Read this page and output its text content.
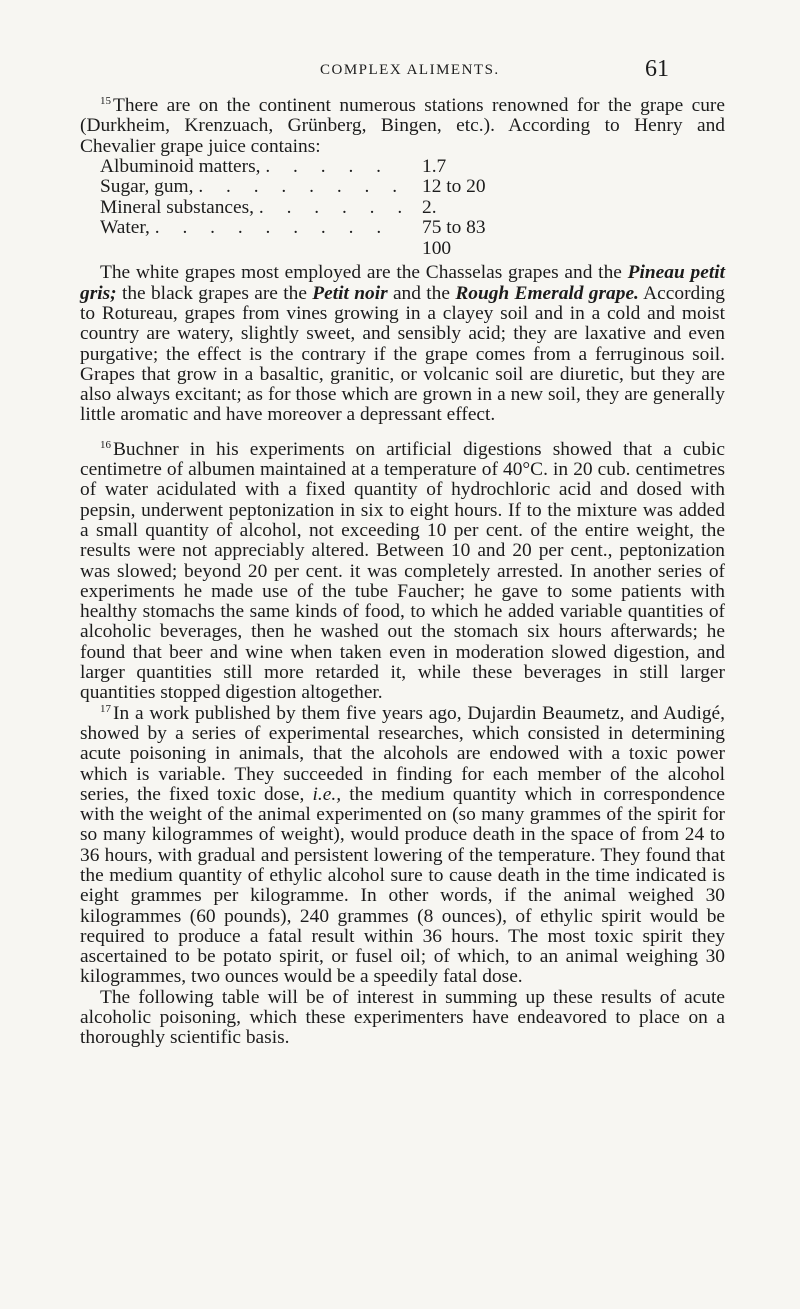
COMPLEX ALIMENTS.	61

$^{15}$ There are on the continent numerous stations renowned for the grape cure (Durkheim, Krenzuach, Grünberg, Bingen, etc.). According to Henry and Chevalier grape juice contains:

Albuminoid matters, . . . . .	1.7
Sugar, gum, . . . . . . . .	12 to 20
Mineral substances, . . . . . .	2.
Water, . . . . . . . . .	75 to 83

	100

The white grapes most employed are the Chasselas grapes and the Pineau petit gris; the black grapes are the Petit noir and the Rough Emerald grape. According to Rotureau, grapes from vines growing in a clayey soil and in a cold and moist country are watery, slightly sweet, and sensibly acid; they are laxative and even purgative; the effect is the contrary if the grape comes from a ferruginous soil. Grapes that grow in a basaltic, granitic, or volcanic soil are diuretic, but they are also always excitant; as for those which are grown in a new soil, they are generally little aromatic and have moreover a depressant effect.

$^{16}$ Buchner in his experiments on artificial digestions showed that a cubic centimetre of albumen maintained at a temperature of 40°C. in 20 cub. centimetres of water acidulated with a fixed quantity of hydrochloric acid and dosed with pepsin, underwent peptonization in six to eight hours. If to the mixture was added a small quantity of alcohol, not exceeding 10 per cent. of the entire weight, the results were not appreciably altered. Between 10 and 20 per cent., peptonization was slowed; beyond 20 per cent. it was completely arrested. In another series of experiments he made use of the tube Faucher; he gave to some patients with healthy stomachs the same kinds of food, to which he added variable quantities of alcoholic beverages, then he washed out the stomach six hours afterwards; he found that beer and wine when taken even in moderation slowed digestion, and larger quantities still more retarded it, while these beverages in still larger quantities stopped digestion altogether.

$^{17}$ In a work published by them five years ago, Dujardin Beaumetz, and Audigé, showed by a series of experimental researches, which consisted in determining acute poisoning in animals, that the alcohols are endowed with a toxic power which is variable. They succeeded in finding for each member of the alcohol series, the fixed toxic dose, i.e., the medium quantity which in correspondence with the weight of the animal experimented on (so many grammes of the spirit for so many kilogrammes of weight), would produce death in the space of from 24 to 36 hours, with gradual and persistent lowering of the temperature. They found that the medium quantity of ethylic alcohol sure to cause death in the time indicated is eight grammes per kilogramme. In other words, if the animal weighed 30 kilogrammes (60 pounds), 240 grammes (8 ounces), of ethylic spirit would be required to produce a fatal result within 36 hours. The most toxic spirit they ascertained to be potato spirit, or fusel oil; of which, to an animal weighing 30 kilogrammes, two ounces would be a speedily fatal dose.

The following table will be of interest in summing up these results of acute alcoholic poisoning, which these experimenters have endeavored to place on a thoroughly scientific basis.
